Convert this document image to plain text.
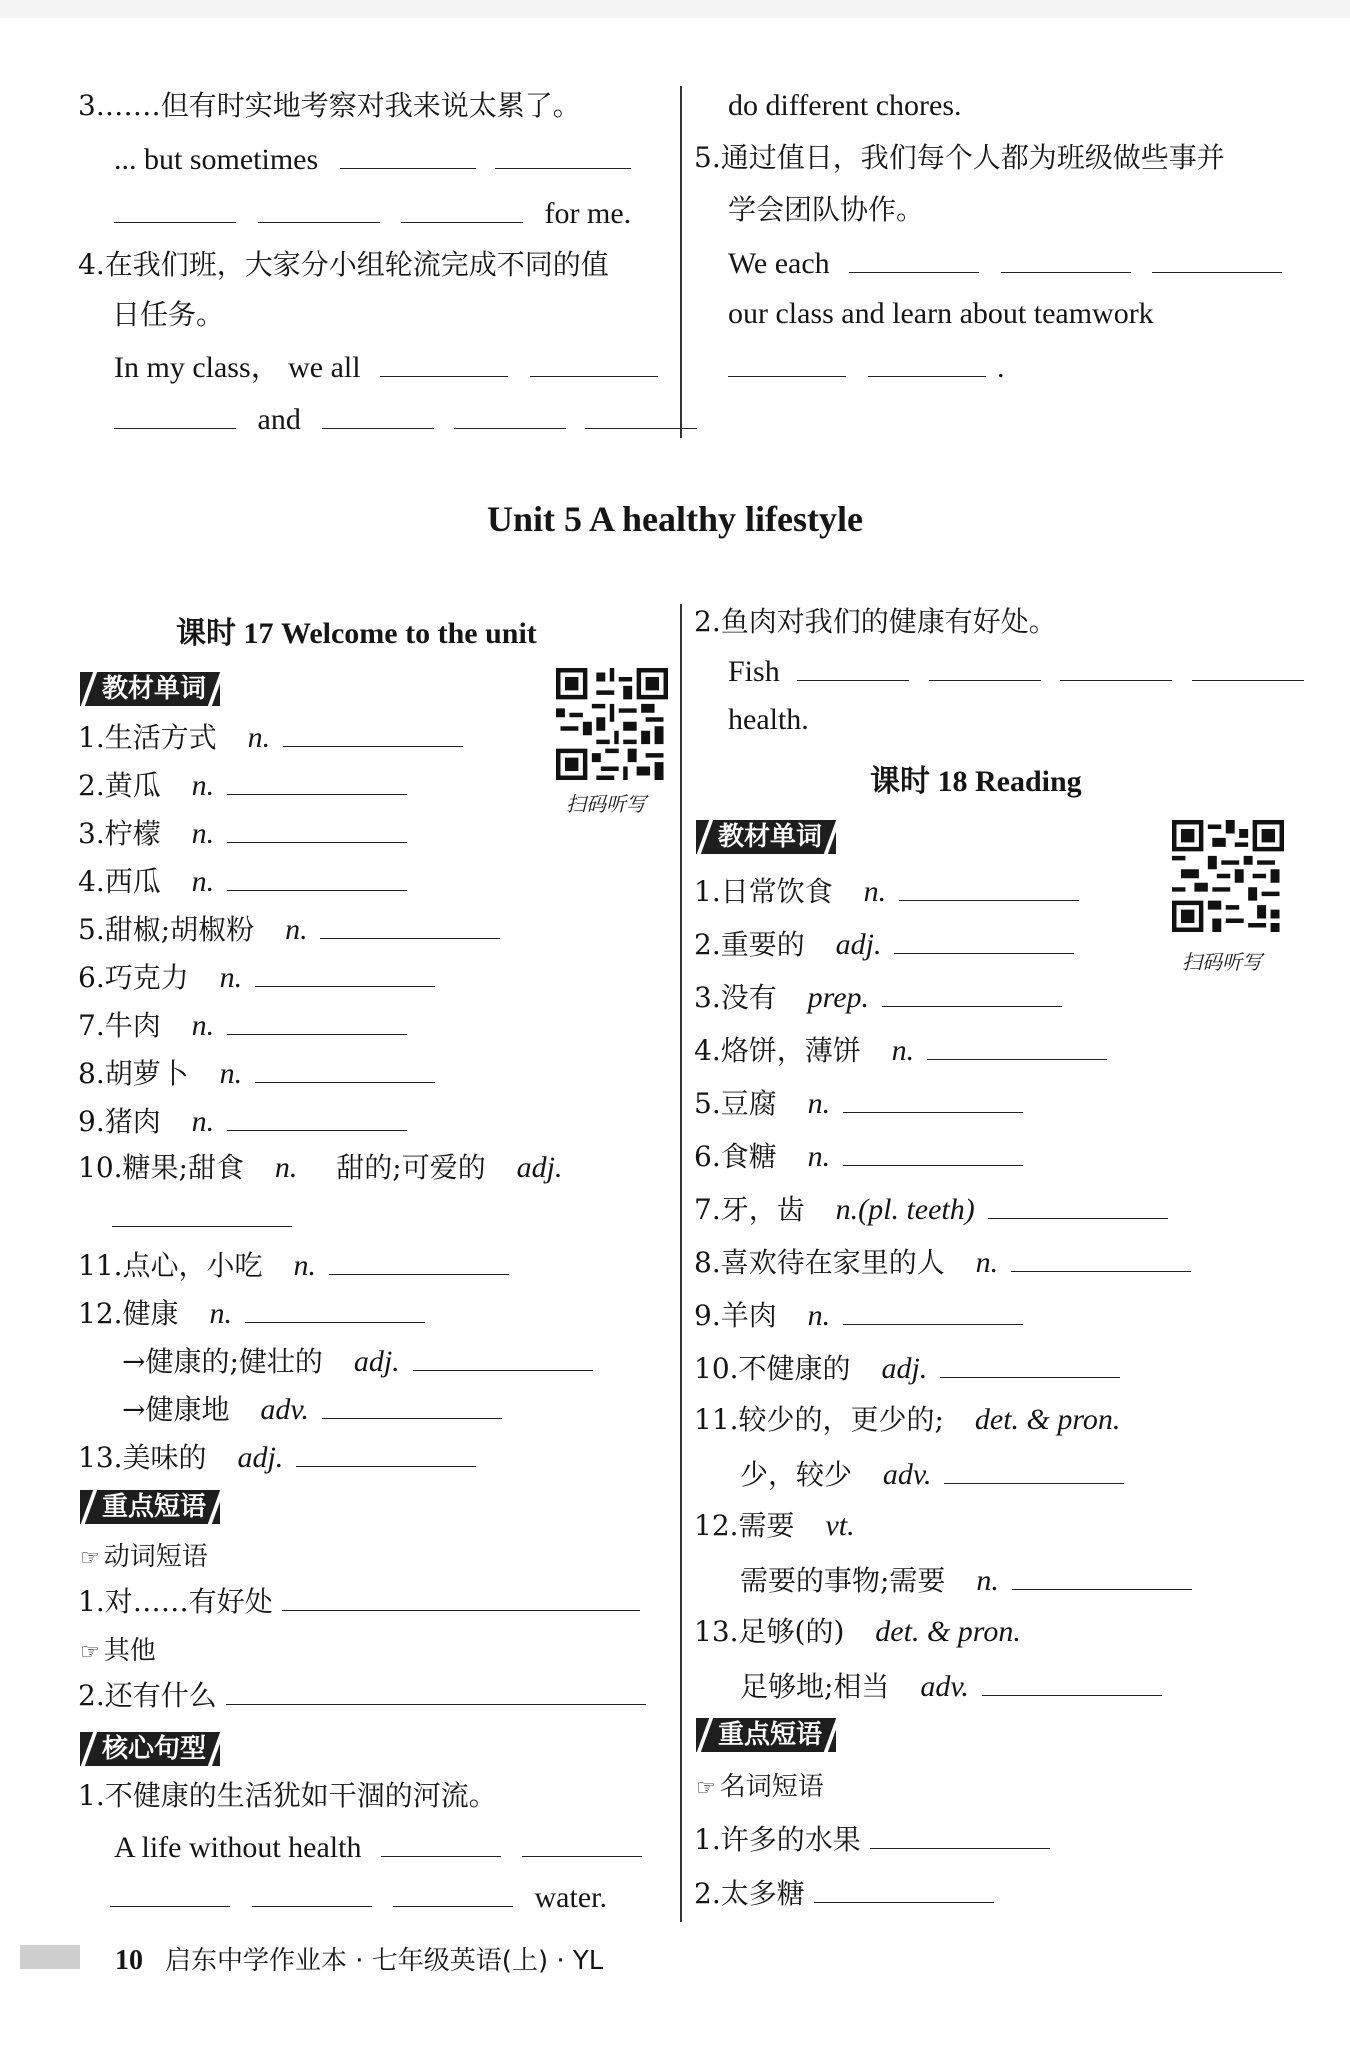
3.……但有时实地考察对我来说太累了。
... but sometimes
for me.
4.在我们班，大家分小组轮流完成不同的值
日任务。
In my class， we all
and
do different chores.
5.通过值日，我们每个人都为班级做些事并
学会团队协作。
We each
our class and learn about teamwork
.
Unit 5 A healthy lifestyle
课时 17 Welcome to the unit
扫码听写
教材单词
1.生活方式 n.
2.黄瓜 n.
3.柠檬 n.
4.西瓜 n.
5.甜椒;胡椒粉 n.
6.巧克力 n.
7.牛肉 n.
8.胡萝卜 n.
9.猪肉 n.
10.糖果;甜食 n. 甜的;可爱的 adj.
11.点心，小吃 n.
12.健康 n.
→健康的;健壮的 adj.
→健康地 adv.
13.美味的 adj.
重点短语
☞ 动词短语
1.对……有好处
☞ 其他
2.还有什么
核心句型
1.不健康的生活犹如干涸的河流。
A life without health
water.
2.鱼肉对我们的健康有好处。
Fish
health.
课时 18 Reading
扫码听写
教材单词
1.日常饮食 n.
2.重要的 adj.
3.没有 prep.
4.烙饼，薄饼 n.
5.豆腐 n.
6.食糖 n.
7.牙，齿 n.(pl. teeth)
8.喜欢待在家里的人 n.
9.羊肉 n.
10.不健康的 adj.
11.较少的，更少的; det. & pron.
少，较少 adv.
12.需要 vt.
需要的事物;需要 n.
13.足够(的) det. & pron.
足够地;相当 adv.
重点短语
☞ 名词短语
1.许多的水果
2.太多糖
10 启东中学作业本 · 七年级英语(上) · YL
